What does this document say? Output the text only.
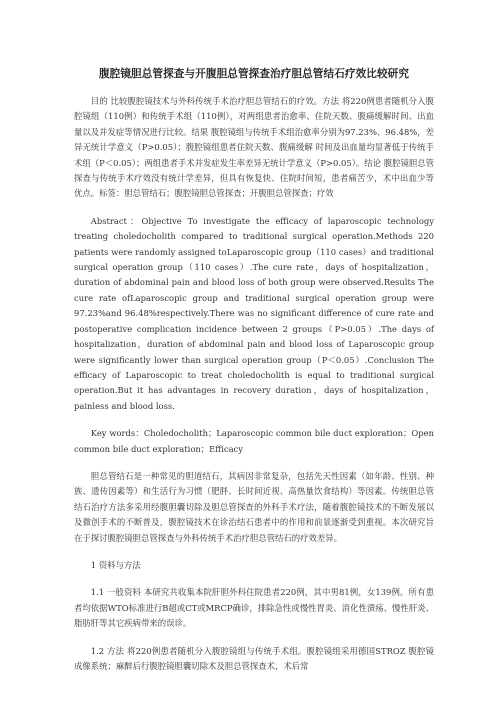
腹腔镜胆总管探查与开腹胆总管探查治疗胆总管结石疗效比较研究

目的 比较腹腔镜技术与外科传统手术治疗胆总管结石的疗效。方法 将220例患者随机分入腹腔镜组（110例）和传统手术组（110例），对两组患者治愈率、住院天数、腹痛缓解时间、出血量以及并发症等情况进行比较。结果 腹腔镜组与传统手术组治愈率分别为97.23%、96.48%，差异无统计学意义（P>0.05）；腹腔镜组患者住院天数、腹痛缓解 时间及出血量均显著低于传统手术组（P＜0.05）；两组患者手术并发症发生率差异无统计学意义（P>0.05）。结论 腹腔镜胆总管探查与传统手术疗效没有统计学差异，但具有恢复快、住院时间短，患者痛苦少，术中出血少等优点。标签：胆总管结石；腹腔镜胆总管探查；开腹胆总管探查；疗效

Abstract：Objective To investigate the efficacy of laparoscopic technology treating choledocholith compared to traditional surgical operation.Methods 220 patients were randomly assigned toLaparoscopic group（110 cases）and traditional surgical operation group（110 cases）.The cure rate，days of hospitalization，duration of abdominal pain and blood loss of both group were observed.Results The cure rate ofLaparoscopic group and traditional surgical operation group were 97.23%and 96.48%respectively.There was no significant difference of cure rate and postoperative complication incidence between 2 groups（P>0.05）.The days of hospitalization，duration of abdominal pain and blood loss of Laparoscopic group were significantly lower than surgical operation group（P＜0.05）.Conclusion The efficacy of Laparoscopic to treat choledocholith is equal to traditional surgical operation.But it has advantages in recovery duration，days of hospitalization，painless and blood loss.

Key words：Choledocholith；Laparoscopic common bile duct exploration；Open common bile duct exploration；Efficacy

胆总管结石是一种常见的胆道结石，其病因非常复杂，包括先天性因素（如年龄、性别、种族、遗传因素等）和生活行为习惯（肥胖、长时间近视、高热量饮食结构）等因素。传统胆总管结石治疗方法多采用经腹胆囊切除及胆总管探查的外科手术疗法，随着腹腔镜技术的不断发展以及微创手术的不断普及，腹腔镜技术在诊治结石患者中的作用和前景逐渐受到重视。本次研究旨在于探讨腹腔镜胆总管探查与外科传统手术治疗胆总管结石的疗效差异。

1 资料与方法

1.1 一般资料 本研究共收集本院肝胆外科住院患者220例，其中男81例，女139例。所有患者均依据WTO标准进行B超或CT或MRCP确诊，排除急性或慢性胃炎、消化性溃疡、慢性肝炎、脂肪肝等其它疾病带来的误诊。

1.2 方法 将220例患者随机分入腹腔镜组与传统手术组。腹腔镜组采用德国STROZ 腹腔镜成像系统；麻醉后行腹腔镜胆囊切除术及胆总管探查术，术后常
